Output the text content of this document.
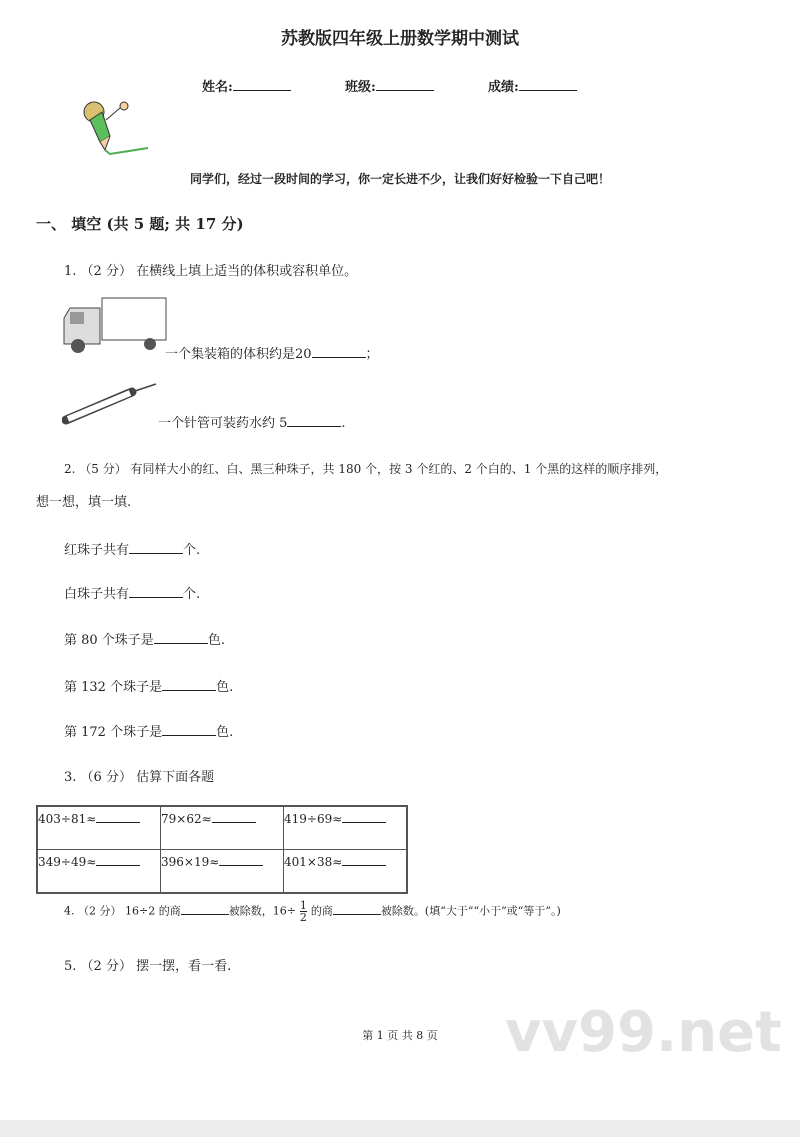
苏教版四年级上册数学期中测试
姓名:	班级:	成绩:
同学们，经过一段时间的学习，你一定长进不少，让我们好好检验一下自己吧！
一、 填空 (共 5 题; 共 17 分)
1. （2 分） 在横线上填上适当的体积或容积单位。
一个集装箱的体积约是20	；
一个针管可装药水约 5	.
2. （5 分） 有同样大小的红、白、黑三种珠子，共 180 个，按 3 个红的、2 个白的、1 个黑的这样的顺序排列，
想一想，填一填.
红珠子共有	个.
白珠子共有	个.
第 80 个珠子是	色.
第 132 个珠子是	色.
第 172 个珠子是	色.
3. （6 分） 估算下面各题
403÷81≈	79×62≈	419÷69≈
349÷49≈	396×19≈	401×38≈
4. （2 分） 16÷2 的商	被除数，$16\div \frac{1}{2}$ 的商	被除数。(填“大于”“小于”或“等于”。)
5. （2 分） 摆一摆，看一看.
vv99.net
第 1 页 共 8 页
